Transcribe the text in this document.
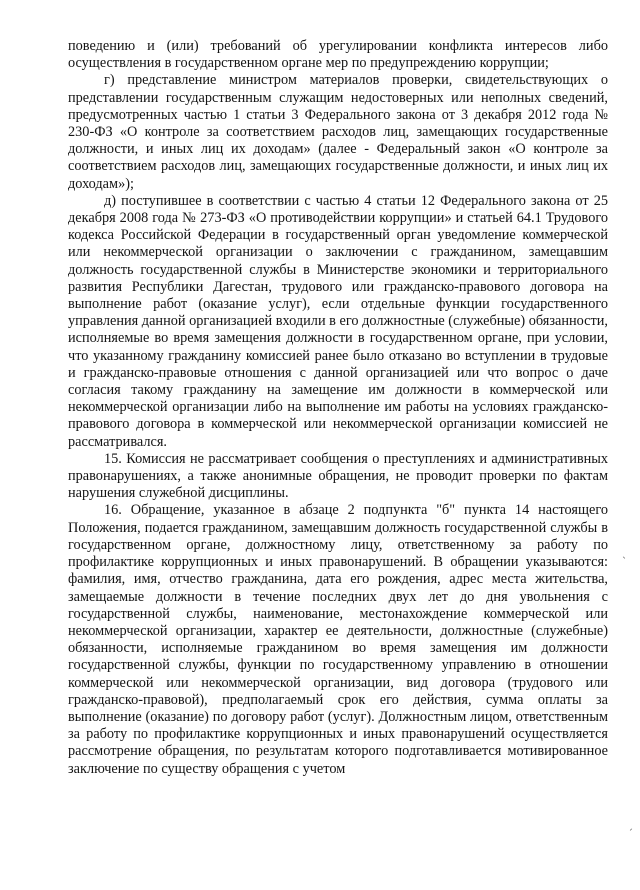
поведению и (или) требований об урегулировании конфликта интересов либо осуществления в государственном органе мер по предупреждению коррупции;

г) представление министром материалов проверки, свидетельствующих о представлении государственным служащим недостоверных или неполных сведений, предусмотренных частью 1 статьи 3 Федерального закона от 3 декабря 2012 года № 230-ФЗ «О контроле за соответствием расходов лиц, замещающих государственные должности, и иных лиц их доходам» (далее - Федеральный закон «О контроле за соответствием расходов лиц, замещающих государственные должности, и иных лиц их доходам»);

д) поступившее в соответствии с частью 4 статьи 12 Федерального закона от 25 декабря 2008 года № 273-ФЗ «О противодействии коррупции» и статьей 64.1 Трудового кодекса Российской Федерации в государственный орган уведомление коммерческой или некоммерческой организации о заключении с гражданином, замещавшим должность государственной службы в Министерстве экономики и территориального развития Республики Дагестан, трудового или гражданско-правового договора на выполнение работ (оказание услуг), если отдельные функции государственного управления данной организацией входили в его должностные (служебные) обязанности, исполняемые во время замещения должности в государственном органе, при условии, что указанному гражданину комиссией ранее было отказано во вступлении в трудовые и гражданско-правовые отношения с данной организацией или что вопрос о даче согласия такому гражданину на замещение им должности в коммерческой или некоммерческой организации либо на выполнение им работы на условиях гражданско-правового договора в коммерческой или некоммерческой организации комиссией не рассматривался.

15. Комиссия не рассматривает сообщения о преступлениях и административных правонарушениях, а также анонимные обращения, не проводит проверки по фактам нарушения служебной дисциплины.

16. Обращение, указанное в абзаце 2 подпункта "б" пункта 14 настоящего Положения, подается гражданином, замещавшим должность государственной службы в государственном органе, должностному лицу, ответственному за работу по профилактике коррупционных и иных правонарушений. В обращении указываются: фамилия, имя, отчество гражданина, дата его рождения, адрес места жительства, замещаемые должности в течение последних двух лет до дня увольнения с государственной службы, наименование, местонахождение коммерческой или некоммерческой организации, характер ее деятельности, должностные (служебные) обязанности, исполняемые гражданином во время замещения им должности государственной службы, функции по государственному управлению в отношении коммерческой или некоммерческой организации, вид договора (трудового или гражданско-правовой), предполагаемый срок его действия, сумма оплаты за выполнение (оказание) по договору работ (услуг). Должностным лицом, ответственным за работу по профилактике коррупционных и иных правонарушений осуществляется рассмотрение обращения, по результатам которого подготавливается мотивированное заключение по существу обращения с учетом

ˎ
ˏ
